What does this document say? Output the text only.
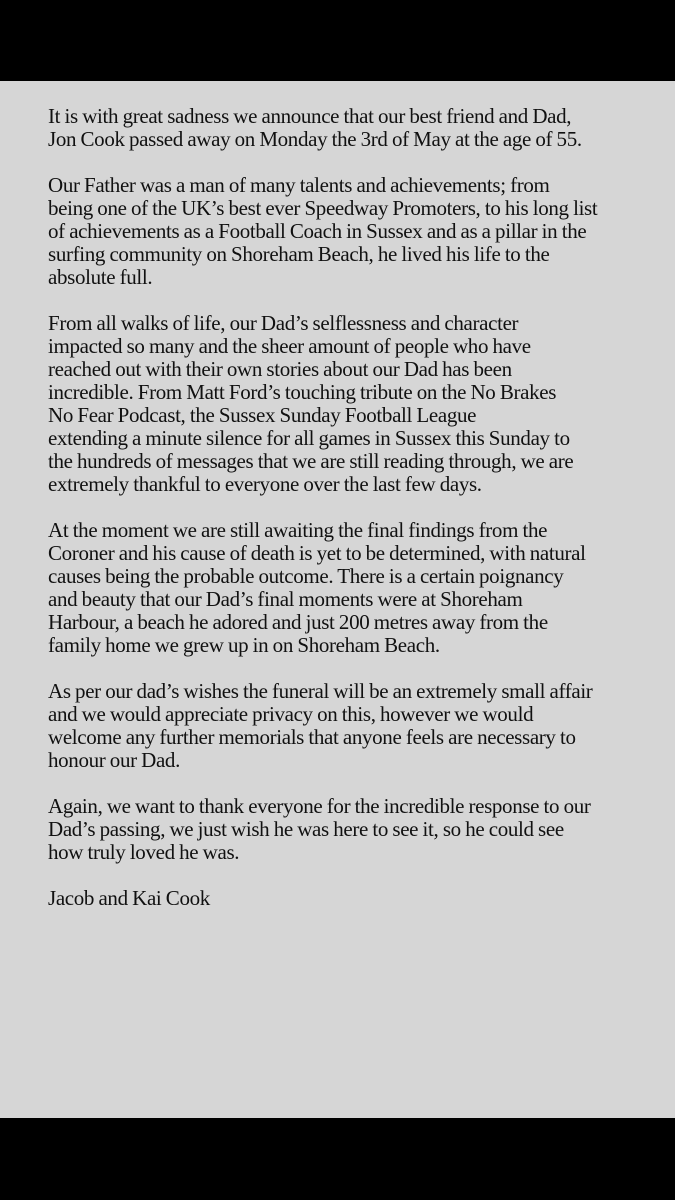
It is with great sadness we announce that our best friend and Dad,
Jon Cook passed away on Monday the 3rd of May at the age of 55.
Our Father was a man of many talents and achievements; from
being one of the UK’s best ever Speedway Promoters, to his long list
of achievements as a Football Coach in Sussex and as a pillar in the
surfing community on Shoreham Beach, he lived his life to the
absolute full.
From all walks of life, our Dad’s selflessness and character
impacted so many and the sheer amount of people who have
reached out with their own stories about our Dad has been
incredible. From Matt Ford’s touching tribute on the No Brakes
No Fear Podcast, the Sussex Sunday Football League
extending a minute silence for all games in Sussex this Sunday to
the hundreds of messages that we are still reading through, we are
extremely thankful to everyone over the last few days.
At the moment we are still awaiting the final findings from the
Coroner and his cause of death is yet to be determined, with natural
causes being the probable outcome. There is a certain poignancy
and beauty that our Dad’s final moments were at Shoreham
Harbour, a beach he adored and just 200 metres away from the
family home we grew up in on Shoreham Beach.
As per our dad’s wishes the funeral will be an extremely small affair
and we would appreciate privacy on this, however we would
welcome any further memorials that anyone feels are necessary to
honour our Dad.
Again, we want to thank everyone for the incredible response to our
Dad’s passing, we just wish he was here to see it, so he could see
how truly loved he was.

Jacob and Kai Cook
